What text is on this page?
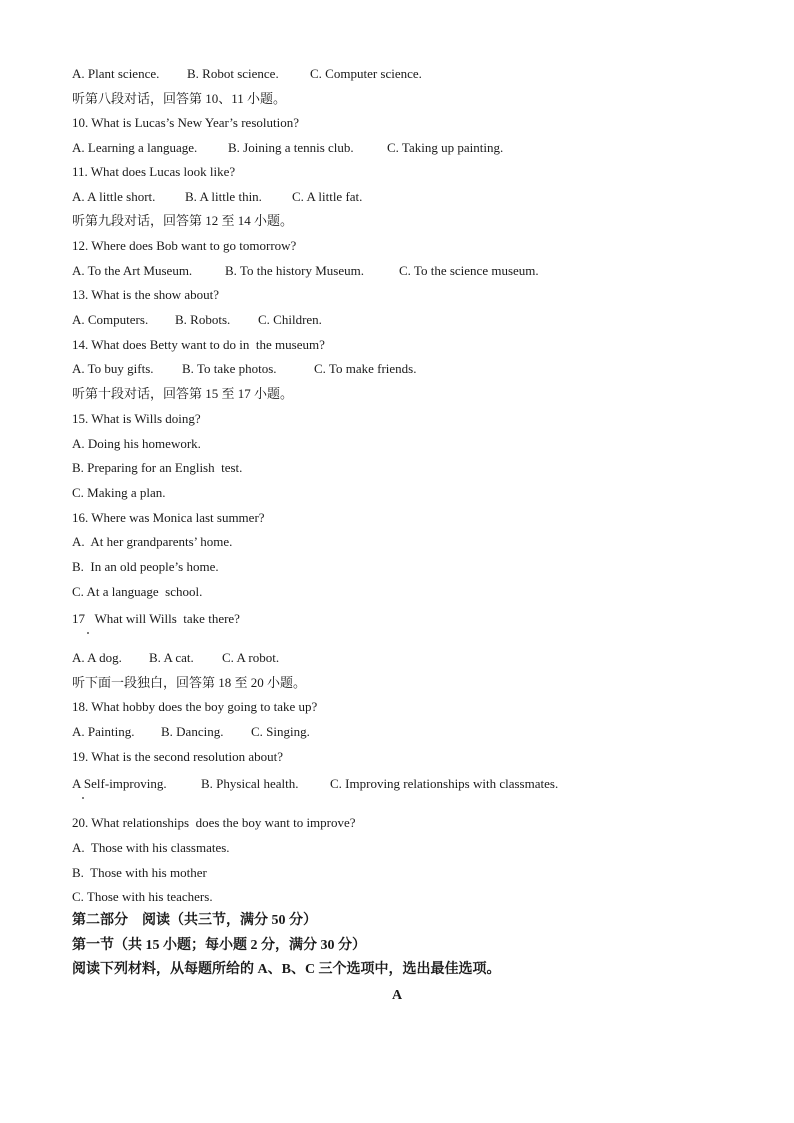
A. Plant science. B. Robot science. C. Computer science.
听第八段对话，回答第 10、11 小题。
10. What is Lucas’s New Year’s resolution?
A. Learning a language. B. Joining a tennis club.	C. Taking up painting.
11. What does Lucas look like?
A. A little short. B. A little thin. C. A little fat.
听第九段对话，回答第 12 至 14 小题。
12. Where does Bob want to go tomorrow?
A. To the Art Museum.	B. To the history Museum.	C. To the science museum.
13. What is the show about?
A. Computers. B. Robots. C. Children.
14. What does Betty want to do in  the museum?
A. To buy gifts. B. To take photos.	C. To make friends.
听第十段对话，回答第 15 至 17 小题。
15. What is Wills doing?
A. Doing his homework.
B. Preparing for an English  test.
C. Making a plan.
16. Where was Monica last summer?
A.  At her grandparents’ home.
B.  In an old people’s home.
C. At a language  school.
17   What will Wills  take there?
A. A dog. B. A cat. C. A robot.
听下面一段独白，回答第 18 至 20 小题。
18. What hobby does the boy going to take up?
A. Painting. B. Dancing. C. Singing.
19. What is the second resolution about?
A Self-improving.	B. Physical health. C. Improving relationships with classmates.
20. What relationships  does the boy want to improve?
A.  Those with his classmates.
B.  Those with his mother
C. Those with his teachers.
第二部分    阅读（共三节，满分 50 分）
第一节（共 15 小题；每小题 2 分，满分 30 分）
阅读下列材料，从每题所给的 A、B、C 三个选项中，选出最佳选项。
A
